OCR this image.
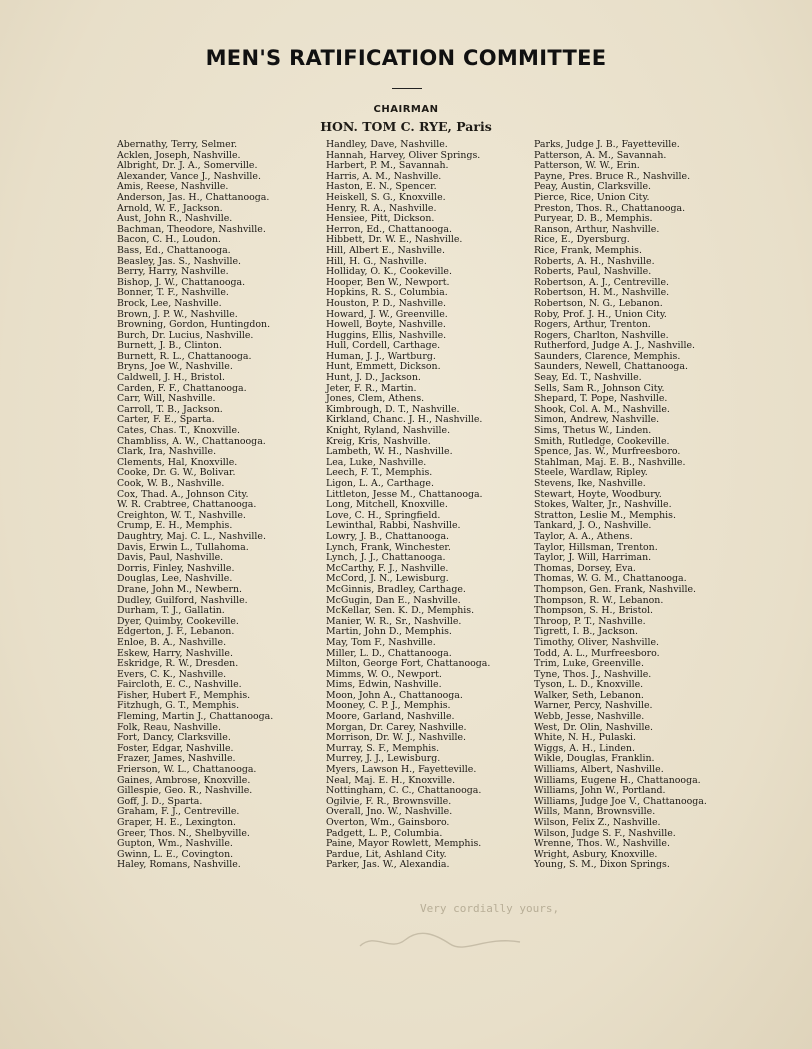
MEN'S RATIFICATION COMMITTEE
CHAIRMAN
HON. TOM C. RYE, Paris
Abernathy, Terry, Selmer.
Acklen, Joseph, Nashville.
Albright, Dr. J. A., Somerville.
Alexander, Vance J., Nashville.
Amis, Reese, Nashville.
Anderson, Jas. H., Chattanooga.
Arnold, W. F., Jackson.
Aust, John R., Nashville.
Bachman, Theodore, Nashville.
Bacon, C. H., Loudon.
Bass, Ed., Chattanooga.
Beasley, Jas. S., Nashville.
Berry, Harry, Nashville.
Bishop, J. W., Chattanooga.
Bonner, T. F., Nashville.
Brock, Lee, Nashville.
Brown, J. P. W., Nashville.
Browning, Gordon, Huntingdon.
Burch, Dr. Lucius, Nashville.
Burnett, J. B., Clinton.
Burnett, R. L., Chattanooga.
Bryns, Joe W., Nashville.
Caldwell, J. H., Bristol.
Carden, F. F., Chattanooga.
Carr, Will, Nashville.
Carroll, T. B., Jackson.
Carter, F. E., Sparta.
Cates, Chas. T., Knoxville.
Chambliss, A. W., Chattanooga.
Clark, Ira, Nashville.
Clements, Hal, Knoxville.
Cooke, Dr. G. W., Bolivar.
Cook, W. B., Nashville.
Cox, Thad. A., Johnson City.
W. R. Crabtree, Chattanooga.
Creighton, W. T., Nashville.
Crump, E. H., Memphis.
Daughtry, Maj. C. L., Nashville.
Davis, Erwin L., Tullahoma.
Davis, Paul, Nashville.
Dorris, Finley, Nashville.
Douglas, Lee, Nashville.
Drane, John M., Newbern.
Dudley, Guilford, Nashville.
Durham, T. J., Gallatin.
Dyer, Quimby, Cookeville.
Edgerton, J. F., Lebanon.
Enloe, B. A., Nashville.
Eskew, Harry, Nashville.
Eskridge, R. W., Dresden.
Evers, C. K., Nashville.
Faircloth, E. C., Nashville.
Fisher, Hubert F., Memphis.
Fitzhugh, G. T., Memphis.
Fleming, Martin J., Chattanooga.
Folk, Reau, Nashville.
Fort, Dancy, Clarksville.
Foster, Edgar, Nashville.
Frazer, James, Nashville.
Frierson, W. L., Chattanooga.
Gaines, Ambrose, Knoxville.
Gillespie, Geo. R., Nashville.
Goff, J. D., Sparta.
Graham, F. J., Centreville.
Graper, H. E., Lexington.
Greer, Thos. N., Shelbyville.
Gupton, Wm., Nashville.
Gwinn, L. E., Covington.
Haley, Romans, Nashville.
Handley, Dave, Nashville.
Hannah, Harvey, Oliver Springs.
Harbert, P. M., Savannah.
Harris, A. M., Nashville.
Haston, E. N., Spencer.
Heiskell, S. G., Knoxville.
Henry, R. A., Nashville.
Hensiee, Pitt, Dickson.
Herron, Ed., Chattanooga.
Hibbett, Dr. W. E., Nashville.
Hill, Albert E., Nashville.
Hill, H. G., Nashville.
Holliday, O. K., Cookeville.
Hooper, Ben W., Newport.
Hopkins, R. S., Columbia.
Houston, P. D., Nashville.
Howard, J. W., Greenville.
Howell, Boyte, Nashville.
Huggins, Ellis, Nashville.
Hull, Cordell, Carthage.
Human, J. J., Wartburg.
Hunt, Emmett, Dickson.
Hunt, J. D., Jackson.
Jeter, F. R., Martin.
Jones, Clem, Athens.
Kimbrough, D. T., Nashville.
Kirkland, Chanc. J. H., Nashville.
Knight, Ryland, Nashville.
Kreig, Kris, Nashville.
Lambeth, W. H., Nashville.
Lea, Luke, Nashville.
Leech, F. T., Memphis.
Ligon, L. A., Carthage.
Littleton, Jesse M., Chattanooga.
Long, Mitchell, Knoxville.
Love, C. H., Springfield.
Lewinthal, Rabbi, Nashville.
Lowry, J. B., Chattanooga.
Lynch, Frank, Winchester.
Lynch, J. J., Chattanooga.
McCarthy, F. J., Nashville.
McCord, J. N., Lewisburg.
McGinnis, Bradley, Carthage.
McGugin, Dan E., Nashville.
McKellar, Sen. K. D., Memphis.
Manier, W. R., Sr., Nashville.
Martin, John D., Memphis.
May, Tom F., Nashville.
Miller, L. D., Chattanooga.
Milton, George Fort, Chattanooga.
Mimms, W. O., Newport.
Mims, Edwin, Nashville.
Moon, John A., Chattanooga.
Mooney, C. P. J., Memphis.
Moore, Garland, Nashville.
Morgan, Dr. Carey, Nashville.
Morrison, Dr. W. J., Nashville.
Murray, S. F., Memphis.
Murrey, J. J., Lewisburg.
Myers, Lawson H., Fayetteville.
Neal, Maj. E. H., Knoxville.
Nottingham, C. C., Chattanooga.
Ogilvie, F. R., Brownsville.
Overall, Jno. W., Nashville.
Overton, Wm., Gainsboro.
Padgett, L. P., Columbia.
Paine, Mayor Rowlett, Memphis.
Pardue, Lit, Ashland City.
Parker, Jas. W., Alexandia.
Parks, Judge J. B., Fayetteville.
Patterson, A. M., Savannah.
Patterson, W. W., Erin.
Payne, Pres. Bruce R., Nashville.
Peay, Austin, Clarksville.
Pierce, Rice, Union City.
Preston, Thos. R., Chattanooga.
Puryear, D. B., Memphis.
Ranson, Arthur, Nashville.
Rice, E., Dyersburg.
Rice, Frank, Memphis.
Roberts, A. H., Nashville.
Roberts, Paul, Nashville.
Robertson, A. J., Centreville.
Robertson, H. M., Nashville.
Robertson, N. G., Lebanon.
Roby, Prof. J. H., Union City.
Rogers, Arthur, Trenton.
Rogers, Charlton, Nashville.
Rutherford, Judge A. J., Nashville.
Saunders, Clarence, Memphis.
Saunders, Newell, Chattanooga.
Seay, Ed. T., Nashville.
Sells, Sam R., Johnson City.
Shepard, T. Pope, Nashville.
Shook, Col. A. M., Nashville.
Simon, Andrew, Nashville.
Sims, Thetus W., Linden.
Smith, Rutledge, Cookeville.
Spence, Jas. W., Murfreesboro.
Stahlman, Maj. E. B., Nashville.
Steele, Wardlaw, Ripley.
Stevens, Ike, Nashville.
Stewart, Hoyte, Woodbury.
Stokes, Walter, Jr., Nashville.
Stratton, Leslie M., Memphis.
Tankard, J. O., Nashville.
Taylor, A. A., Athens.
Taylor, Hillsman, Trenton.
Taylor, J. Will, Harriman.
Thomas, Dorsey, Eva.
Thomas, W. G. M., Chattanooga.
Thompson, Gen. Frank, Nashville.
Thompson, R. W., Lebanon.
Thompson, S. H., Bristol.
Throop, P. T., Nashville.
Tigrett, I. B., Jackson.
Timothy, Oliver, Nashville.
Todd, A. L., Murfreesboro.
Trim, Luke, Greenville.
Tyne, Thos. J., Nashville.
Tyson, L. D., Knoxville.
Walker, Seth, Lebanon.
Warner, Percy, Nashville.
Webb, Jesse, Nashville.
West, Dr. Olin, Nashville.
White, N. H., Pulaski.
Wiggs, A. H., Linden.
Wikle, Douglas, Franklin.
Williams, Albert, Nashville.
Williams, Eugene H., Chattanooga.
Williams, John W., Portland.
Williams, Judge Joe V., Chattanooga.
Wills, Mann, Brownsville.
Wilson, Felix Z., Nashville.
Wilson, Judge S. F., Nashville.
Wrenne, Thos. W., Nashville.
Wright, Asbury, Knoxville.
Young, S. M., Dixon Springs.
Very cordially yours,
